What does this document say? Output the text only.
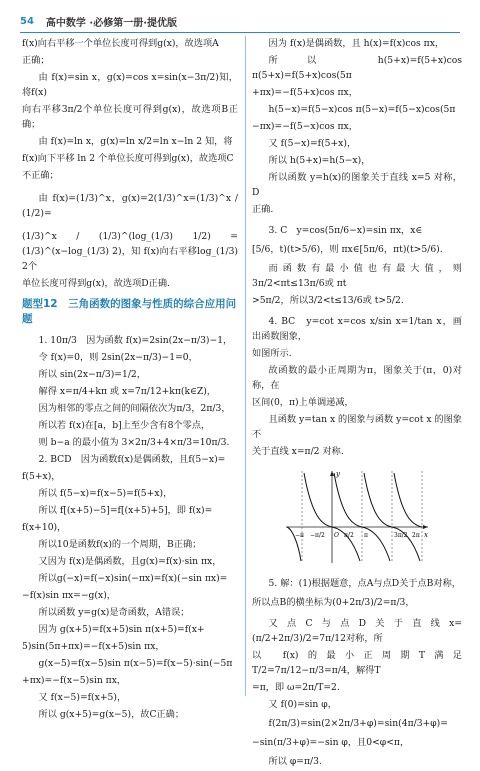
54 高中数学 ·必修第一册·提优版

f(x)向右平移一个单位长度可得到g(x)，故选项A

正确；

由 f(x)=sin x，g(x)=cos x=sin(x−3π/2)知，将f(x)

向右平移3π/2个单位长度可得到g(x)，故选项B正确；

由 f(x)=ln x，g(x)=ln x/2=ln x−ln 2 知，将

f(x)向下平移 ln 2 个单位长度可得到g(x)，故选项C

不正确；

由 f(x)=(1/3)^x，g(x)=2(1/3)^x=(1/3)^x / (1/2)=

(1/3)^x / (1/3)^(log_(1/3) 1/2) = (1/3)^(x−log_(1/3) 2)，知 f(x)向右平移log_(1/3) 2个

单位长度可得到g(x)，故选项D正确.

题型12　三角函数的图象与性质的综合应用问题

1. 10π/3　因为函数 f(x)=2sin(2x−π/3)−1，

令 f(x)=0，则 2sin(2x−π/3)−1=0，

所以 sin(2x−π/3)=1/2，

解得 x=π/4+kπ 或 x=7π/12+kπ(k∈Z)，

因为相邻的零点之间的间隔依次为π/3，2π/3，

所以若 f(x)在[a，b]上至少含有8个零点，

则 b−a 的最小值为 3×2π/3+4×π/3=10π/3.

2. BCD　因为函数f(x)是偶函数，且f(5−x)=

f(5+x)，

所以 f(5−x)=f(x−5)=f(5+x)，

所以 f[(x+5)−5]=f[(x+5)+5]，即 f(x)=

f(x+10)，

所以10是函数f(x)的一个周期，B正确；

又因为 f(x)是偶函数，且g(x)=f(x)·sin πx，

所以g(−x)=f(−x)sin(−πx)=f(x)(−sin πx)=

−f(x)sin πx=−g(x)，

所以函数 y=g(x)是奇函数，A错误；

因为 g(x+5)=f(x+5)sin π(x+5)=f(x+

5)sin(5π+πx)=−f(x+5)sin πx，

g(x−5)=f(x−5)sin π(x−5)=f(x−5)·sin(−5π

+πx)=−f(x−5)sin πx，

又 f(x−5)=f(x+5)，

所以 g(x+5)=g(x−5)，故C正确；

因为 f(x)是偶函数，且 h(x)=f(x)cos πx，

所以 h(5+x)=f(5+x)cos π(5+x)=f(5+x)cos(5π

+πx)=−f(5+x)cos πx，

h(5−x)=f(5−x)cos π(5−x)=f(5−x)cos(5π

−πx)=−f(5−x)cos πx，

又 f(5−x)=f(5+x)，

所以 h(5+x)=h(5−x)，

所以函数 y=h(x)的图象关于直线 x=5 对称，D

正确.

3. C　y=cos(5π/6−x)=sin πx，x∈

[5/6，t)(t>5/6)，则 πx∈[5π/6，πt)(t>5/6).

而函数有最小值也有最大值，则3π/2<πt≤13π/6或 πt

>5π/2，所以3/2<t≤13/6或 t>5/2.

4. BC　y=cot x=cos x/sin x=1/tan x，画出函数图象，

如图所示.

故函数的最小正周期为π，图象关于(π，0)对称，在

区间(0，π)上单调递减，

且函数 y=tan x 的图象与函数 y=cot x 的图象不

关于直线 x=π/2 对称.

y
x
−π −π/2 O π/2 π	3π/2 2π

5. 解：(1)根据题意，点A与点D关于点B对称，

所以点B的横坐标为(0+2π/3)/2=π/3，

又点C与点D关于直线x=(π/2+2π/3)/2=7π/12对称，所

以 f(x)的最小正周期T满足T/2=7π/12−π/3=π/4，解得T

=π，即 ω=2π/T=2.

又 f(0)=sin φ，

f(2π/3)=sin(2×2π/3+φ)=sin(4π/3+φ)=

−sin(π/3+φ)=−sin φ，且0<φ<π，

所以 φ=π/3.
